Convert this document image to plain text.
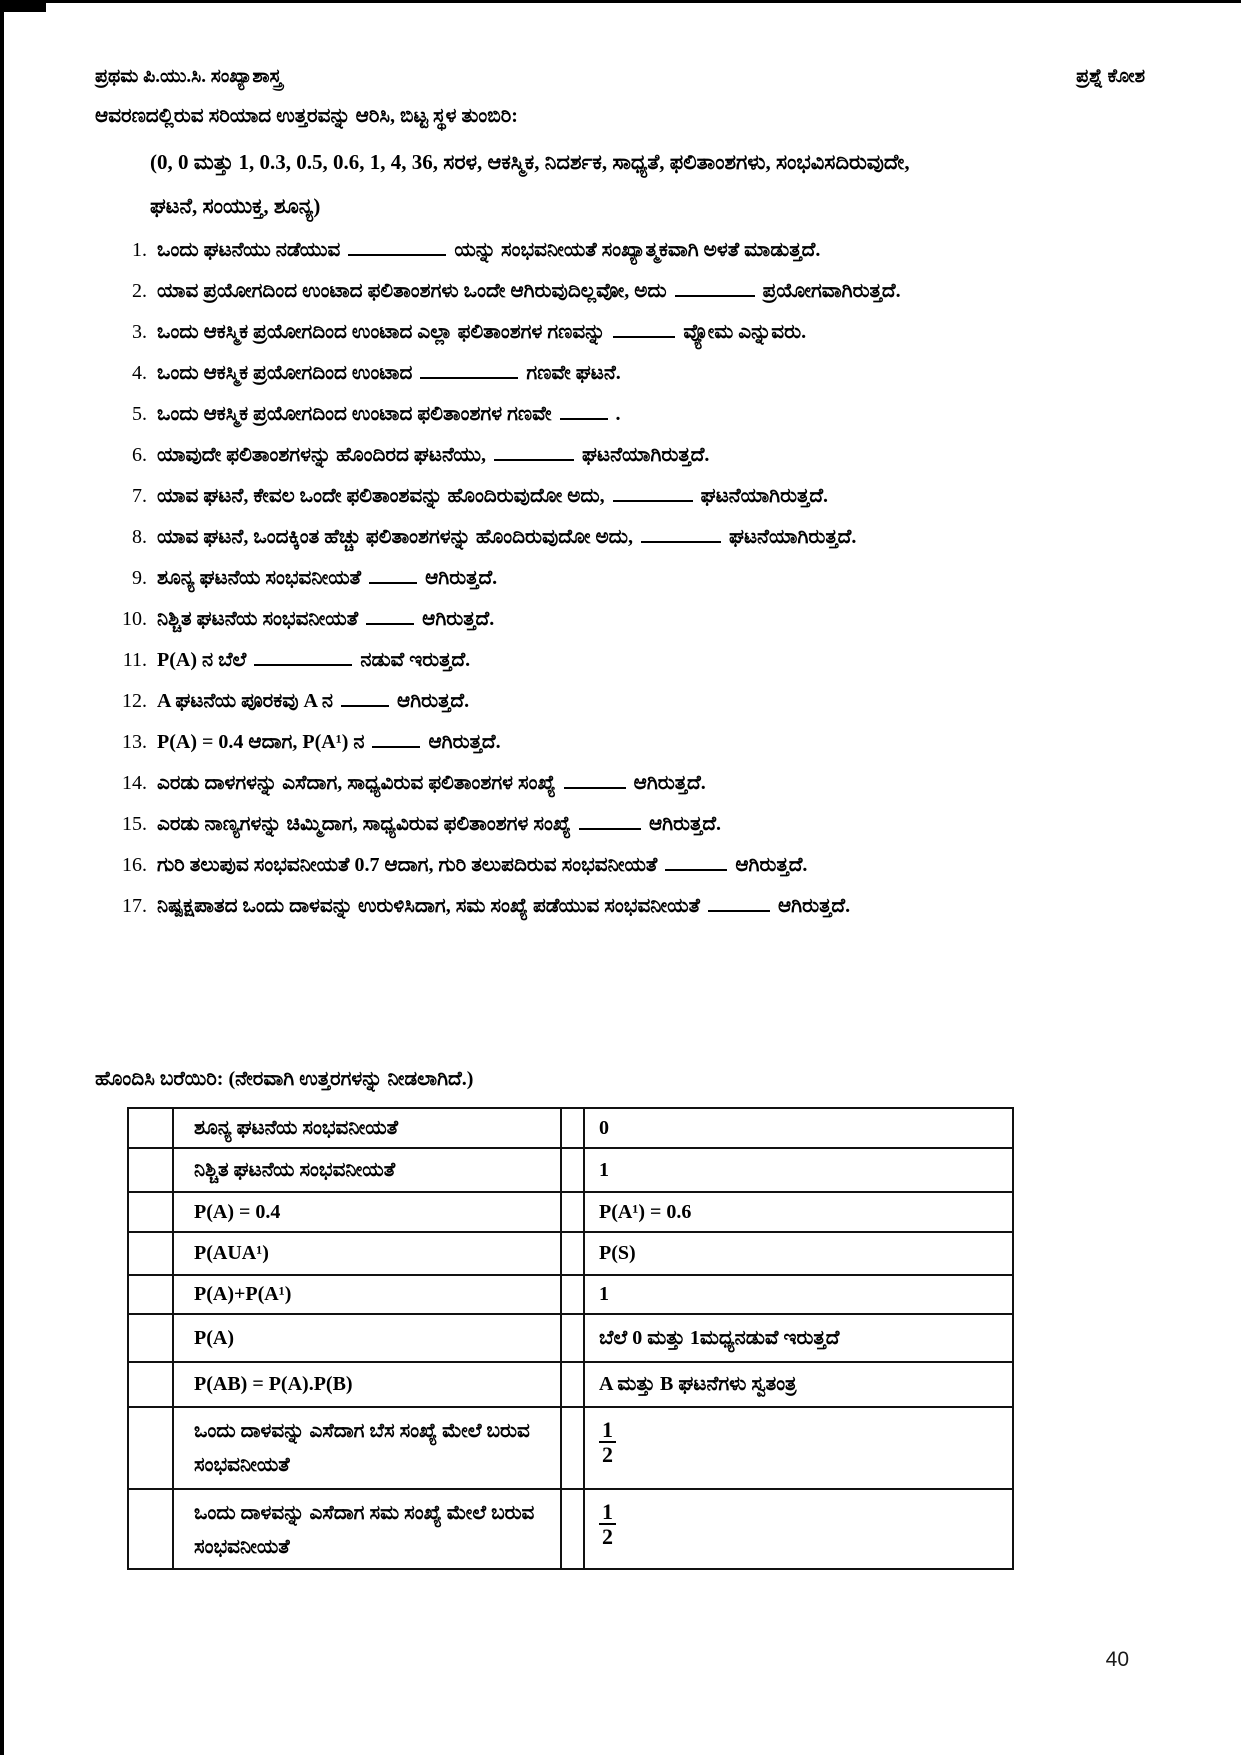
ಪ್ರಥಮ ಪಿ.ಯು.ಸಿ. ಸಂಖ್ಯಾಶಾಸ್ತ್ರ	ಪ್ರಶ್ನೆ ಕೋಶ
ಆವರಣದಲ್ಲಿರುವ ಸರಿಯಾದ ಉತ್ತರವನ್ನು ಆರಿಸಿ, ಬಿಟ್ಟ ಸ್ಥಳ ತುಂಬಿರಿ:
(0, 0 ಮತ್ತು 1, 0.3, 0.5, 0.6, 1, 4, 36, ಸರಳ, ಆಕಸ್ಮಿಕ, ನಿದರ್ಶಕ, ಸಾಧ್ಯತೆ, ಫಲಿತಾಂಶಗಳು, ಸಂಭವಿಸದಿರುವುದೇ,
ಘಟನೆ, ಸಂಯುಕ್ತ, ಶೂನ್ಯ)
1. ಒಂದು ಘಟನೆಯು ನಡೆಯುವ	ಯನ್ನು ಸಂಭವನೀಯತೆ ಸಂಖ್ಯಾತ್ಮಕವಾಗಿ ಅಳತೆ ಮಾಡುತ್ತದೆ.
2. ಯಾವ ಪ್ರಯೋಗದಿಂದ ಉಂಟಾದ ಫಲಿತಾಂಶಗಳು ಒಂದೇ ಆಗಿರುವುದಿಲ್ಲವೋ, ಅದು	ಪ್ರಯೋಗವಾಗಿರುತ್ತದೆ.
3. ಒಂದು ಆಕಸ್ಮಿಕ ಪ್ರಯೋಗದಿಂದ ಉಂಟಾದ ಎಲ್ಲಾ ಫಲಿತಾಂಶಗಳ ಗಣವನ್ನು	ವ್ಯೋಮ ಎನ್ನುವರು.
4. ಒಂದು ಆಕಸ್ಮಿಕ ಪ್ರಯೋಗದಿಂದ ಉಂಟಾದ	ಗಣವೇ ಘಟನೆ.
5. ಒಂದು ಆಕಸ್ಮಿಕ ಪ್ರಯೋಗದಿಂದ ಉಂಟಾದ ಫಲಿತಾಂಶಗಳ ಗಣವೇ	.
6. ಯಾವುದೇ ಫಲಿತಾಂಶಗಳನ್ನು ಹೊಂದಿರದ ಘಟನೆಯು,	ಘಟನೆಯಾಗಿರುತ್ತದೆ.
7. ಯಾವ ಘಟನೆ, ಕೇವಲ ಒಂದೇ ಫಲಿತಾಂಶವನ್ನು ಹೊಂದಿರುವುದೋ ಅದು,	ಘಟನೆಯಾಗಿರುತ್ತದೆ.
8. ಯಾವ ಘಟನೆ, ಒಂದಕ್ಕಿಂತ ಹೆಚ್ಚು ಫಲಿತಾಂಶಗಳನ್ನು ಹೊಂದಿರುವುದೋ ಅದು,	ಘಟನೆಯಾಗಿರುತ್ತದೆ.
9. ಶೂನ್ಯ ಘಟನೆಯ ಸಂಭವನೀಯತೆ	ಆಗಿರುತ್ತದೆ.
10. ನಿಶ್ಚಿತ ಘಟನೆಯ ಸಂಭವನೀಯತೆ	ಆಗಿರುತ್ತದೆ.
11. P(A) ನ ಬೆಲೆ	ನಡುವೆ ಇರುತ್ತದೆ.
12. A ಘಟನೆಯ ಪೂರಕವು A ನ	ಆಗಿರುತ್ತದೆ.
13. P(A) = 0.4 ಆದಾಗ, P(A¹) ನ	ಆಗಿರುತ್ತದೆ.
14. ಎರಡು ದಾಳಗಳನ್ನು ಎಸೆದಾಗ, ಸಾಧ್ಯವಿರುವ ಫಲಿತಾಂಶಗಳ ಸಂಖ್ಯೆ	ಆಗಿರುತ್ತದೆ.
15. ಎರಡು ನಾಣ್ಯಗಳನ್ನು ಚಿಮ್ಮಿದಾಗ, ಸಾಧ್ಯವಿರುವ ಫಲಿತಾಂಶಗಳ ಸಂಖ್ಯೆ	ಆಗಿರುತ್ತದೆ.
16. ಗುರಿ ತಲುಪುವ ಸಂಭವನೀಯತೆ 0.7 ಆದಾಗ, ಗುರಿ ತಲುಪದಿರುವ ಸಂಭವನೀಯತೆ	ಆಗಿರುತ್ತದೆ.
17. ನಿಷ್ಪಕ್ಷಪಾತದ ಒಂದು ದಾಳವನ್ನು ಉರುಳಿಸಿದಾಗ, ಸಮ ಸಂಖ್ಯೆ ಪಡೆಯುವ ಸಂಭವನೀಯತೆ	ಆಗಿರುತ್ತದೆ.
ಹೊಂದಿಸಿ ಬರೆಯಿರಿ: (ನೇರವಾಗಿ ಉತ್ತರಗಳನ್ನು ನೀಡಲಾಗಿದೆ.)
	ಶೂನ್ಯ ಘಟನೆಯ ಸಂಭವನೀಯತೆ		0
	ನಿಶ್ಚಿತ ಘಟನೆಯ ಸಂಭವನೀಯತೆ		1
	P(A) = 0.4		P(A¹) = 0.6
	P(AUA¹)		P(S)
	P(A)+P(A¹)		1
	P(A)		ಬೆಲೆ 0 ಮತ್ತು 1ಮಧ್ಯನಡುವೆ ಇರುತ್ತದೆ
	P(AB) = P(A).P(B)		A ಮತ್ತು B ಘಟನೆಗಳು ಸ್ವತಂತ್ರ
	ಒಂದು ದಾಳವನ್ನು ಎಸೆದಾಗ ಬೆಸ ಸಂಖ್ಯೆ ಮೇಲೆ ಬರುವ ಸಂಭವನೀಯತೆ		$\frac{1}{2}$

	ಒಂದು ದಾಳವನ್ನು ಎಸೆದಾಗ ಸಮ ಸಂಖ್ಯೆ ಮೇಲೆ ಬರುವ ಸಂಭವನೀಯತೆ		$\frac{1}{2}$
40
